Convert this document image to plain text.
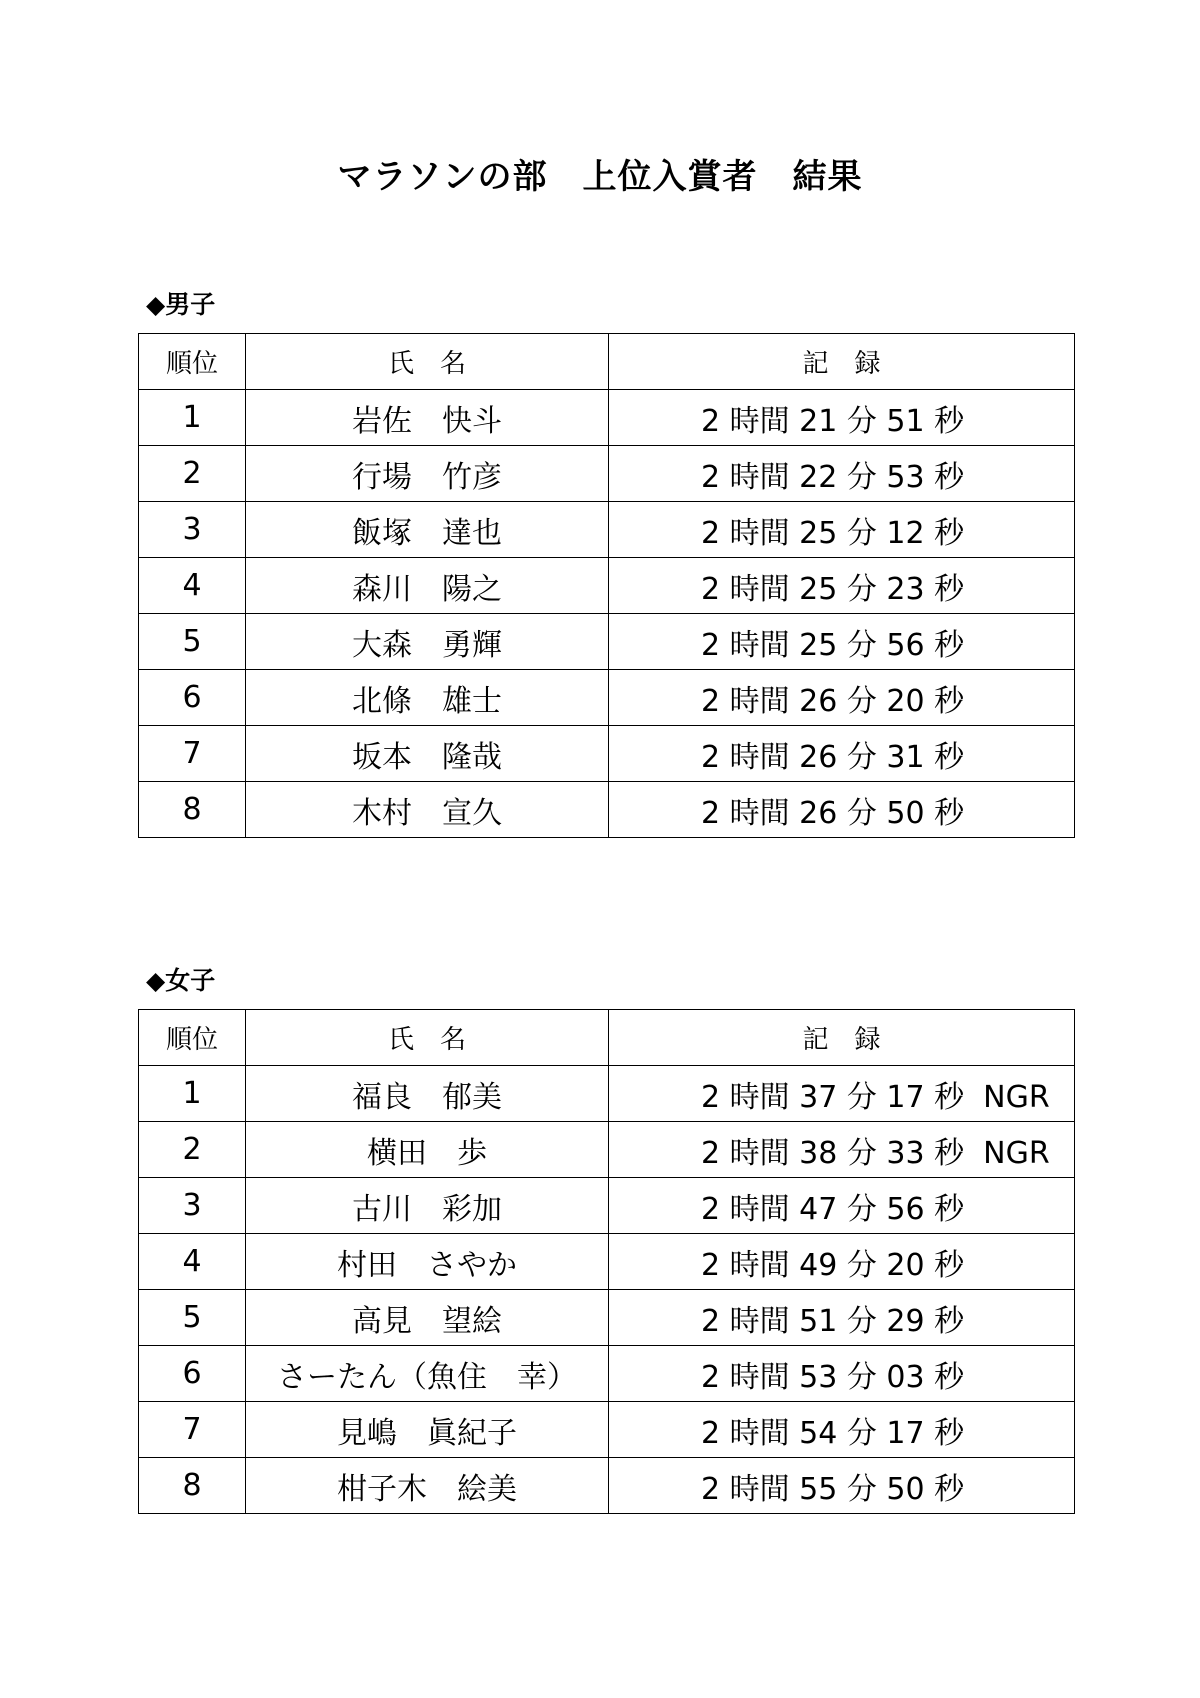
マラソンの部　上位入賞者　結果
◆男子
順位	氏　名	記　録
1	岩佐　快斗	2 時間 21 分 51 秒
2	行場　竹彦	2 時間 22 分 53 秒
3	飯塚　達也	2 時間 25 分 12 秒
4	森川　陽之	2 時間 25 分 23 秒
5	大森　勇輝	2 時間 25 分 56 秒
6	北條　雄士	2 時間 26 分 20 秒
7	坂本　隆哉	2 時間 26 分 31 秒
8	木村　宣久	2 時間 26 分 50 秒
◆女子
順位	氏　名	記　録
1	福良　郁美	2 時間 37 分 17 秒  NGR
2	横田　歩	2 時間 38 分 33 秒  NGR
3	古川　彩加	2 時間 47 分 56 秒
4	村田　さやか	2 時間 49 分 20 秒
5	高見　望絵	2 時間 51 分 29 秒
6	さーたん（魚住　幸）	2 時間 53 分 03 秒
7	見嶋　眞紀子	2 時間 54 分 17 秒
8	柑子木　絵美	2 時間 55 分 50 秒
